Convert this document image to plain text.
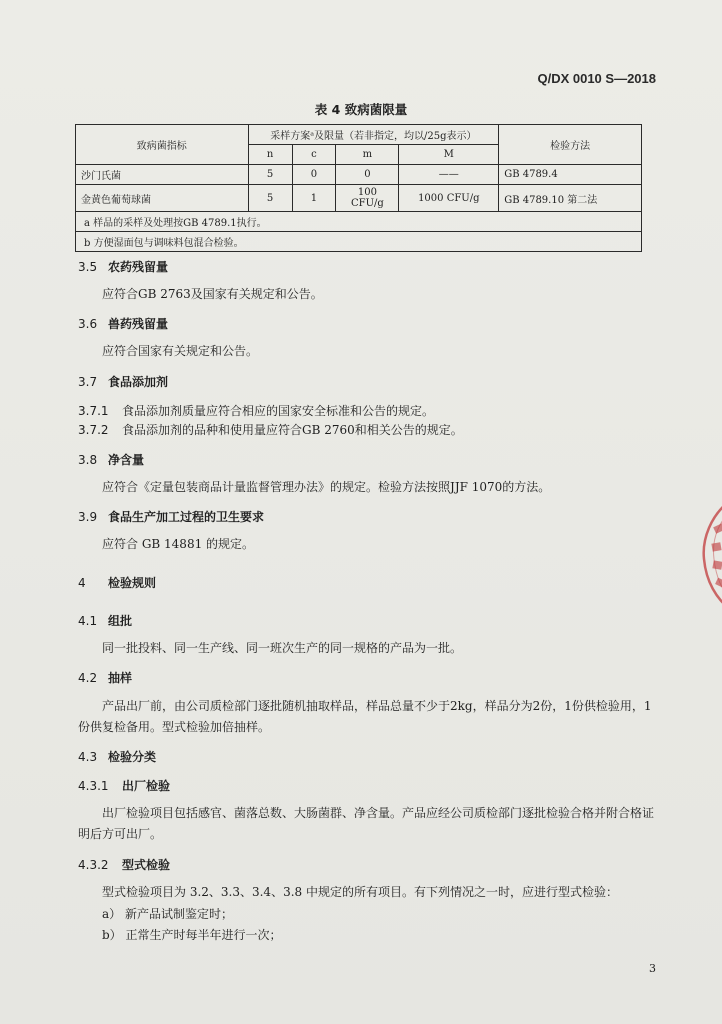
Q/DX 0010 S—2018
表 4 致病菌限量
致病菌指标	采样方案ᵃ及限量（若非指定，均以/25g表示）				检验方法
	n	c	m	M	
沙门氏菌	5	0	0	——	GB 4789.4
金黄色葡萄球菌	5	1	100 CFU/g	1000 CFU/g	GB 4789.10 第二法
a 样品的采样及处理按GB 4789.1执行。					
b 方便湿面包与调味料包混合检验。					
3.5 农药残留量
应符合GB 2763及国家有关规定和公告。
3.6 兽药残留量
应符合国家有关规定和公告。
3.7 食品添加剂
3.7.1 食品添加剂质量应符合相应的国家安全标准和公告的规定。
3.7.2 食品添加剂的品种和使用量应符合GB 2760和相关公告的规定。
3.8 净含量
应符合《定量包装商品计量监督管理办法》的规定。检验方法按照JJF 1070的方法。
3.9 食品生产加工过程的卫生要求
应符合 GB 14881 的规定。
4 检验规则
4.1 组批
同一批投料、同一生产线、同一班次生产的同一规格的产品为一批。
4.2 抽样
产品出厂前，由公司质检部门逐批随机抽取样品，样品总量不少于2kg，样品分为2份，1份供检验用，1份供复检备用。型式检验加倍抽样。
4.3 检验分类
4.3.1 出厂检验
出厂检验项目包括感官、菌落总数、大肠菌群、净含量。产品应经公司质检部门逐批检验合格并附合格证明后方可出厂。
4.3.2 型式检验
型式检验项目为 3.2、3.3、3.4、3.8 中规定的所有项目。有下列情况之一时，应进行型式检验：
a） 新产品试制鉴定时；
b） 正常生产时每半年进行一次；
3
